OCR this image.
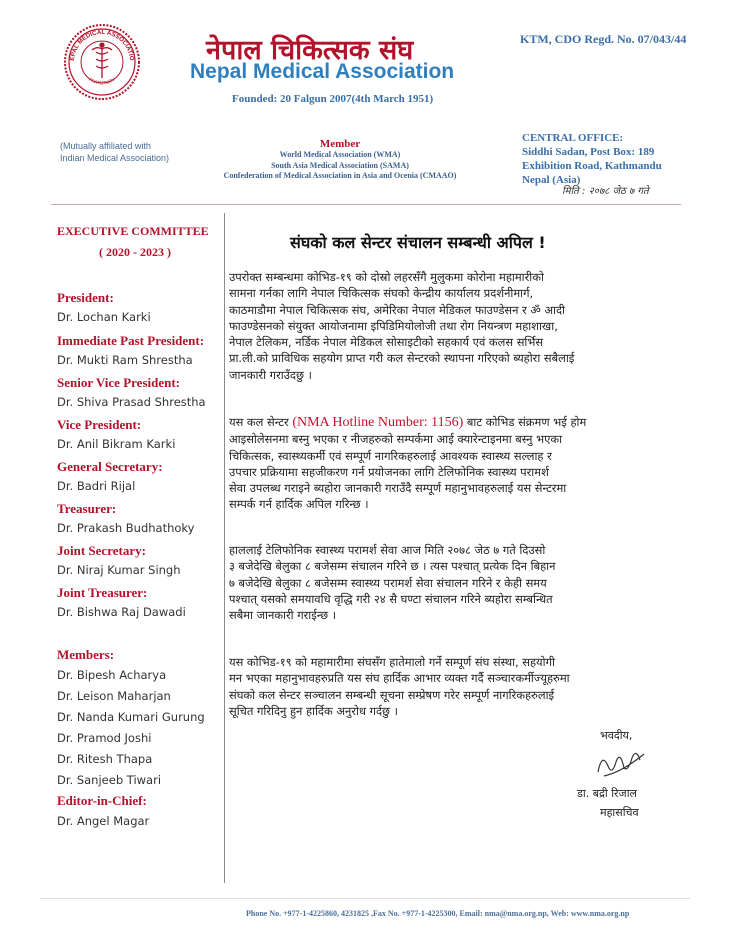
EPAL MEDICAL ASSOCIATIO
FRATERNITY
नेपाल चिकित्सक संघ
Nepal Medical Association
Founded: 20 Falgun 2007(4th March 1951)
KTM, CDO Regd. No. 07/043/44
(Mutually affiliated with
Indian Medical Association)
Member
World Medical Association (WMA)
South Asia Medical Association (SAMA)
Confederation of Medical Association in Asia and Ocenia (CMAAO)
CENTRAL OFFICE:
Siddhi Sadan, Post Box: 189
Exhibition Road, Kathmandu
Nepal (Asia)
मिति : २०७८ जेठ ७ गते
EXECUTIVE COMMITTEE
( 2020 - 2023 )
President:
Dr. Lochan Karki
Immediate Past President:
Dr. Mukti Ram Shrestha
Senior Vice President:
Dr. Shiva Prasad Shrestha
Vice President:
Dr. Anil Bikram Karki
General Secretary:
Dr. Badri Rijal
Treasurer:
Dr. Prakash Budhathoky
Joint Secretary:
Dr. Niraj Kumar Singh
Joint Treasurer:
Dr. Bishwa Raj Dawadi
Members:
Dr. Bipesh Acharya
Dr. Leison Maharjan
Dr. Nanda Kumari Gurung
Dr. Pramod Joshi
Dr. Ritesh Thapa
Dr. Sanjeeb Tiwari
Editor-in-Chief:
Dr. Angel Magar
संघको कल सेन्टर संचालन सम्बन्धी अपिल !
उपरोक्त सम्बन्धमा कोभिड-१९ को दोस्रो लहरसँगै मुलुकमा कोरोना महामारीको
सामना गर्नका लागि नेपाल चिकित्सक संघको केन्द्रीय कार्यालय प्रदर्शनीमार्ग,
काठमाडौमा नेपाल चिकित्सक संघ, अमेरिका नेपाल मेडिकल फाउण्डेसन र ॐ आदी
फाउण्डेसनको संयुक्त आयोजनामा इपिडिमियोलोजी तथा रोग नियन्त्रण महाशाखा,
नेपाल टेलिकम, नर्डिक नेपाल मेडिकल सोसाइटीको सहकार्य एवं कलस सर्भिस
प्रा.ली.को प्राविधिक सहयोग प्राप्त गरी कल सेन्टरको स्थापना गरिएको ब्यहोरा सबैलाई
जानकारी गराउँदछु ।
यस कल सेन्टर (NMA Hotline Number: 1156) बाट कोभिड संक्रमण भई होम
आइसोलेसनमा बस्नु भएका र नीजहरुको सम्पर्कमा आई क्यारेन्टाइनमा बस्नु भएका
चिकित्सक, स्वास्थ्यकर्मी एवं सम्पूर्ण नागरिकहरुलाई आवश्यक स्वास्थ्य सल्लाह र
उपचार प्रक्रियामा सहजीकरण गर्न प्रयोजनका लागि टेलिफोनिक स्वास्थ्य परामर्श
सेवा उपलब्ध गराइने ब्यहोरा जानकारी गराउँदै सम्पूर्ण महानुभावहरुलाई यस सेन्टरमा
सम्पर्क गर्न हार्दिक अपिल गरिन्छ ।
हाललाई टेलिफोनिक स्वास्थ्य परामर्श सेवा आज मिति २०७८ जेठ ७ गते दिउसो
३ बजेदेखि बेलुका ८ बजेसम्म संचालन गरिने छ । त्यस पश्चात् प्रत्येक दिन बिहान
७ बजेदेखि बेलुका ८ बजेसम्म स्वास्थ्य परामर्श सेवा संचालन गरिने र केही समय
पश्चात् यसको समयावधि वृद्धि गरी २४ सै घण्टा संचालन गरिने ब्यहोरा सम्बन्धित
सबैमा जानकारी गराईन्छ ।
यस कोभिड-१९ को महामारीमा संघसँग हातेमालो गर्ने सम्पूर्ण संघ संस्था, सहयोगी
मन भएका महानुभावहरुप्रति यस संघ हार्दिक आभार व्यक्त गर्दै सञ्चारकर्मीज्यूहरुमा
संघको कल सेन्टर सञ्चालन सम्बन्धी सूचना सम्प्रेषण गरेर सम्पूर्ण नागरिकहरुलाई
सूचित गरिदिनु हुन हार्दिक अनुरोध गर्दछु ।
भवदीय,
डा. बद्री रिजाल
महासचिव
Phone No. +977-1-4225860, 4231825 ,Fax No. +977-1-4225300, Email: nma@nma.org.np, Web: www.nma.org.np
